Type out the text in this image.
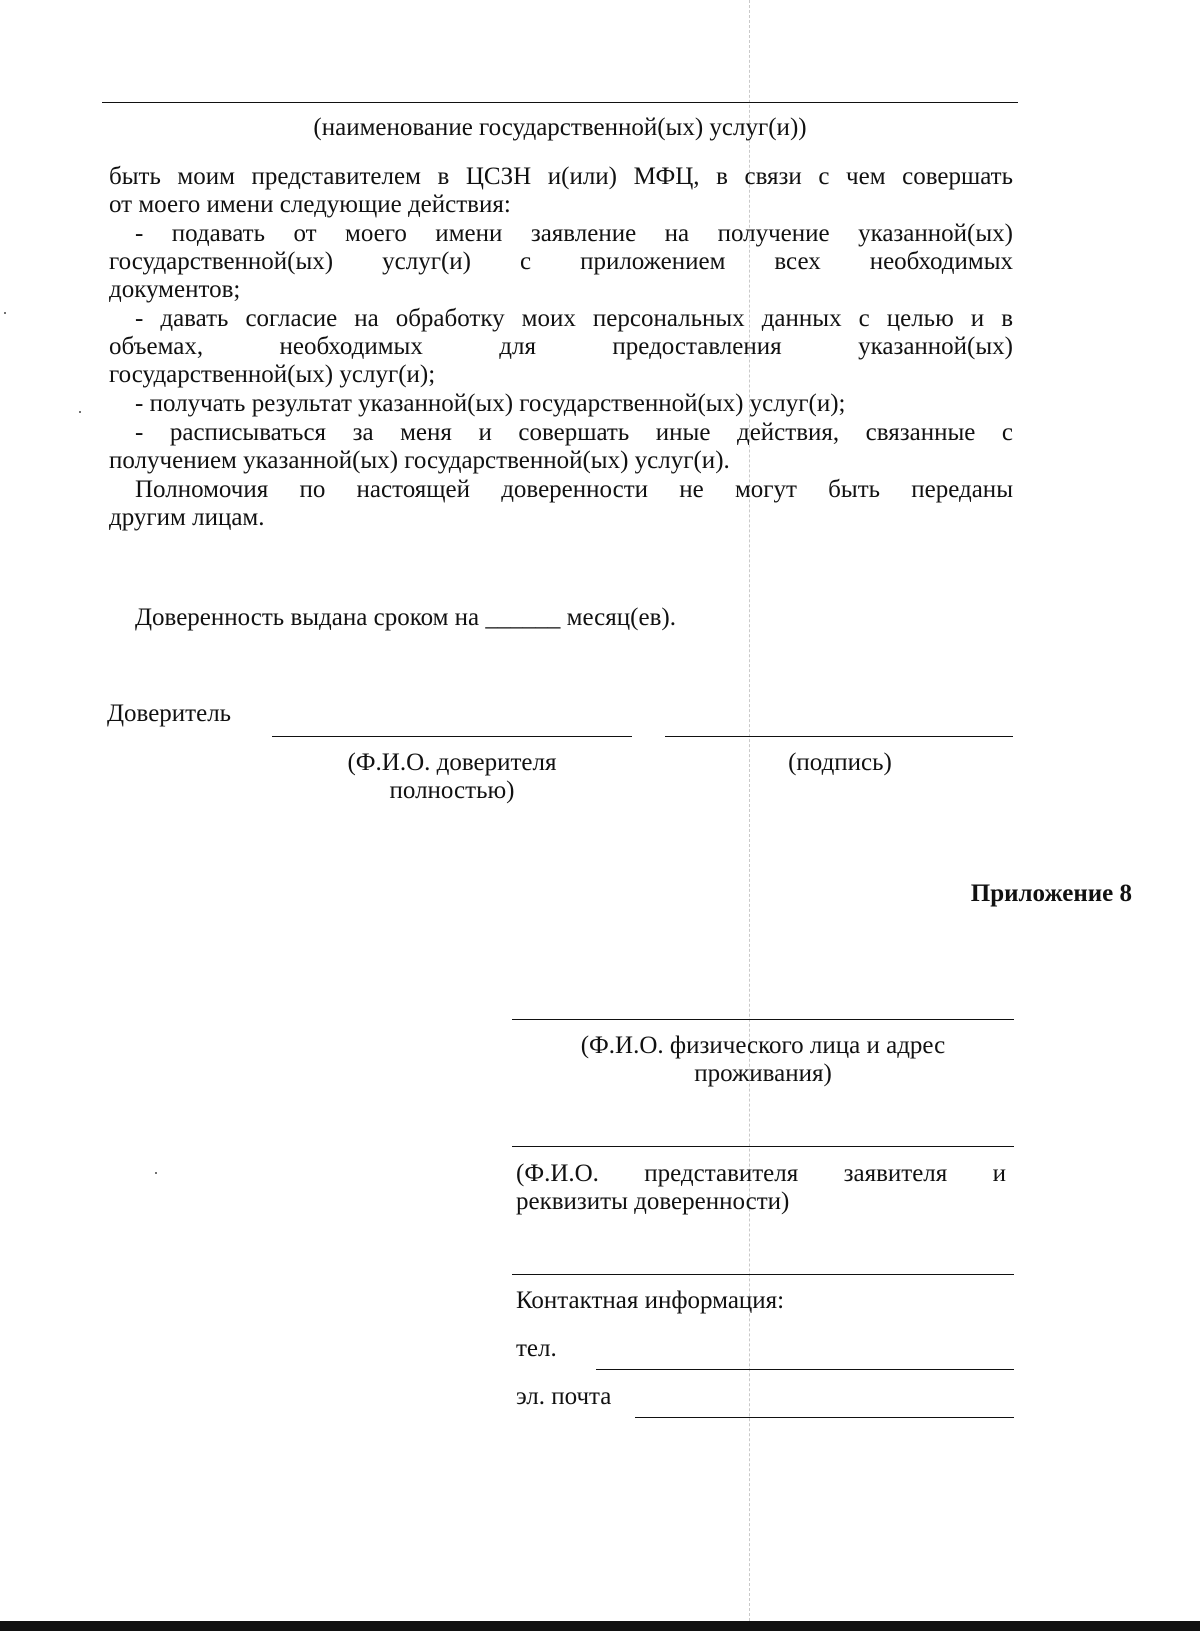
(наименование государственной(ых) услуг(и))
быть моим представителем в ЦСЗН и(или) МФЦ, в связи с чем совершать
от моего имени следующие действия:
- подавать от моего имени заявление на получение указанной(ых)
государственной(ых) услуг(и) с приложением всех необходимых
документов;
- давать согласие на обработку моих персональных данных с целью и в
объемах, необходимых для предоставления указанной(ых)
государственной(ых) услуг(и);
- получать результат указанной(ых) государственной(ых) услуг(и);
- расписываться за меня и совершать иные действия, связанные с
получением указанной(ых) государственной(ых) услуг(и).
Полномочия по настоящей доверенности не могут быть переданы
другим лицам.
Доверенность выдана сроком на ______ месяц(ев).
Доверитель
(Ф.И.О. доверителя
полностью)
(подпись)
Приложение 8
(Ф.И.О. физического лица и адрес
проживания)
(Ф.И.О. представителя заявителя и
реквизиты доверенности)
Контактная информация:
тел.
эл. почта
